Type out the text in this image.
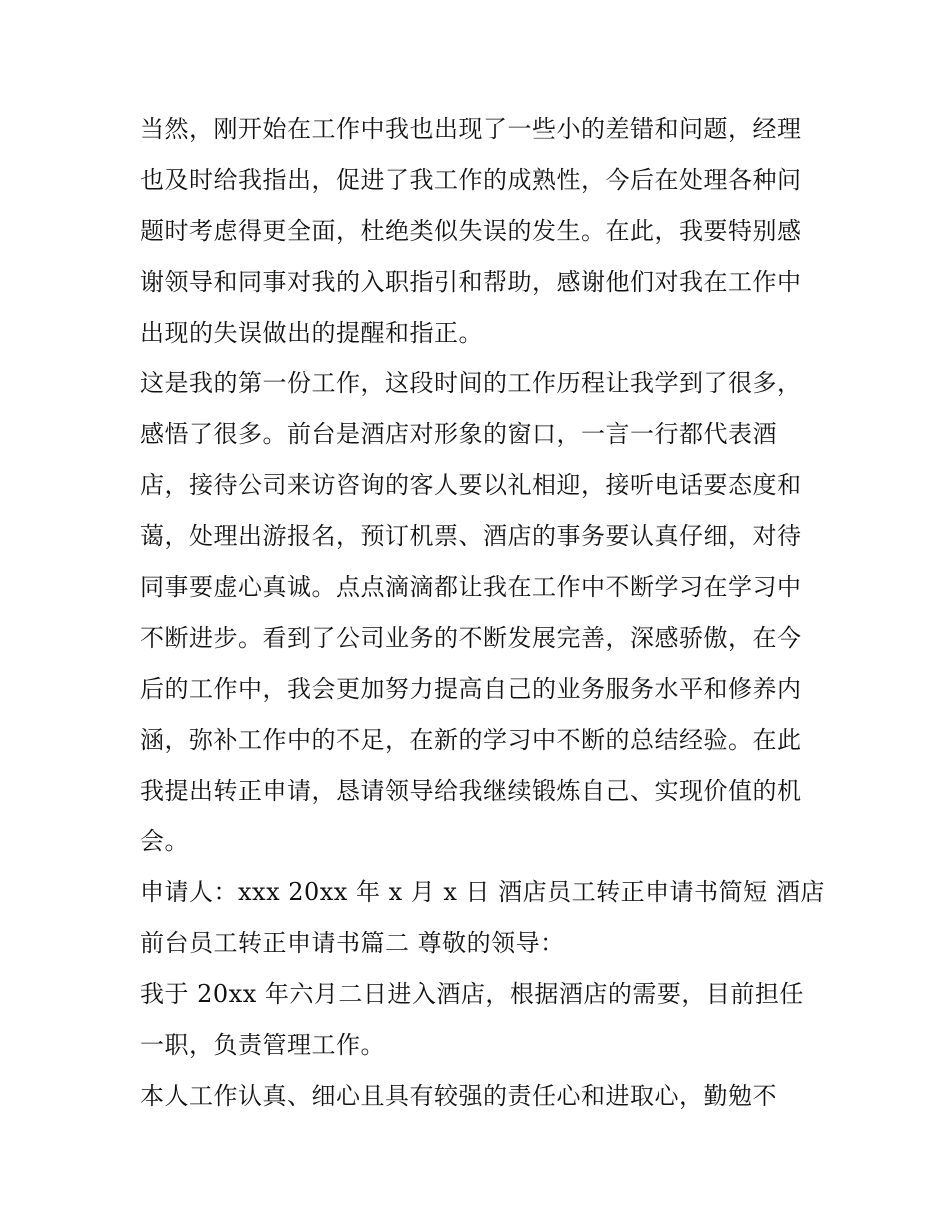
当然，刚开始在工作中我也出现了一些小的差错和问题，经理
也及时给我指出，促进了我工作的成熟性，今后在处理各种问
题时考虑得更全面，杜绝类似失误的发生。在此，我要特别感
谢领导和同事对我的入职指引和帮助，感谢他们对我在工作中
出现的失误做出的提醒和指正。

这是我的第一份工作，这段时间的工作历程让我学到了很多，
感悟了很多。前台是酒店对形象的窗口，一言一行都代表酒
店，接待公司来访咨询的客人要以礼相迎，接听电话要态度和
蔼，处理出游报名，预订机票、酒店的事务要认真仔细，对待
同事要虚心真诚。点点滴滴都让我在工作中不断学习在学习中
不断进步。看到了公司业务的不断发展完善，深感骄傲，在今
后的工作中，我会更加努力提高自己的业务服务水平和修养内
涵，弥补工作中的不足，在新的学习中不断的总结经验。在此
我提出转正申请，恳请领导给我继续锻炼自己、实现价值的机
会。

申请人：xxx 20xx 年 x 月 x 日 酒店员工转正申请书简短 酒店
前台员工转正申请书篇二 尊敬的领导：

我于 20xx 年六月二日进入酒店，根据酒店的需要，目前担任
一职，负责管理工作。

本人工作认真、细心且具有较强的责任心和进取心，勤勉不
